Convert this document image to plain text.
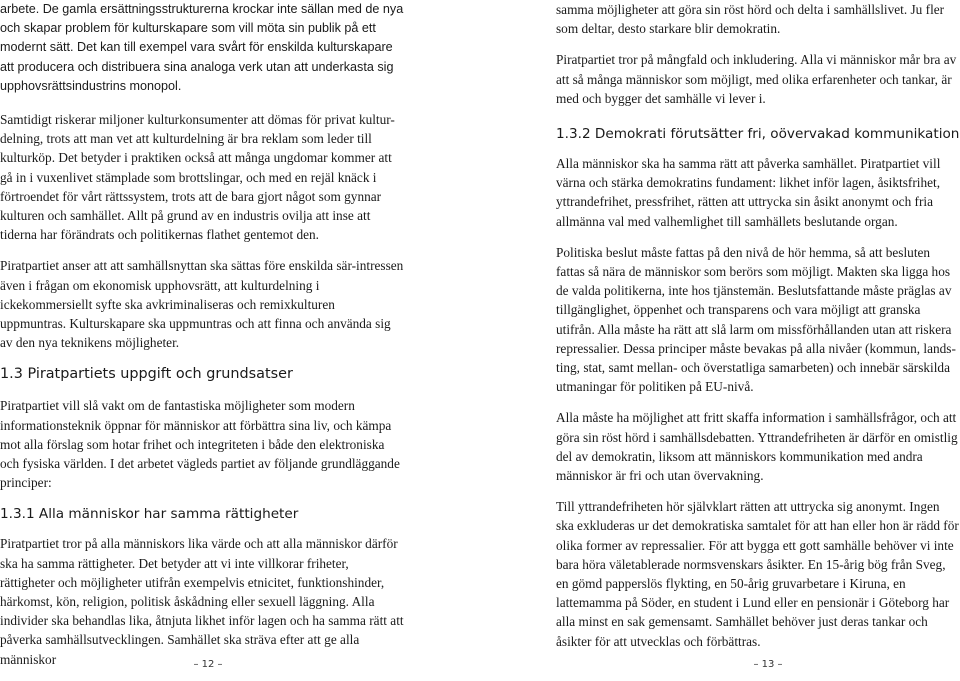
arbete. De gamla ersättningsstrukturerna krockar inte sällan med de nya och skapar problem för kulturskapare som vill möta sin publik på ett modernt sätt. Det kan till exempel vara svårt för enskilda kulturskapare att producera och distribuera sina analoga verk utan att underkasta sig upphovsrättsindustrins monopol.

Samtidigt riskerar miljoner kulturkonsumenter att dömas för privat kultur-delning, trots att man vet att kulturdelning är bra reklam som leder till kulturköp. Det betyder i praktiken också att många ungdomar kommer att gå in i vuxenlivet stämplade som brottslingar, och med en rejäl knäck i förtroendet för vårt rättssystem, trots att de bara gjort något som gynnar kulturen och samhället. Allt på grund av en industris ovilja att inse att tiderna har förändrats och politikernas flathet gentemot den.

Piratpartiet anser att att samhällsnyttan ska sättas före enskilda sär-intressen även i frågan om ekonomisk upphovsrätt, att kulturdelning i ickekommersiellt syfte ska avkriminaliseras och remixkulturen uppmuntras. Kulturskapare ska uppmuntras och att finna och använda sig av den nya teknikens möjligheter.

1.3 Piratpartiets uppgift och grundsatser

Piratpartiet vill slå vakt om de fantastiska möjligheter som modern informationsteknik öppnar för människor att förbättra sina liv, och kämpa mot alla förslag som hotar frihet och integriteten i både den elektroniska och fysiska världen. I det arbetet vägleds partiet av följande grundläggande principer:

1.3.1 Alla människor har samma rättigheter

Piratpartiet tror på alla människors lika värde och att alla människor därför ska ha samma rättigheter. Det betyder att vi inte villkorar friheter, rättigheter och möjligheter utifrån exempelvis etnicitet, funktionshinder, härkomst, kön, religion, politisk åskådning eller sexuell läggning. Alla individer ska behandlas lika, åtnjuta likhet inför lagen och ha samma rätt att påverka samhällsutvecklingen. Samhället ska sträva efter att ge alla människor

samma möjligheter att göra sin röst hörd och delta i samhällslivet. Ju fler som deltar, desto starkare blir demokratin.

Piratpartiet tror på mångfald och inkludering. Alla vi människor mår bra av att så många människor som möjligt, med olika erfarenheter och tankar, är med och bygger det samhälle vi lever i.

1.3.2 Demokrati förutsätter fri, oövervakad kommunikation

Alla människor ska ha samma rätt att påverka samhället. Piratpartiet vill värna och stärka demokratins fundament: likhet inför lagen, åsiktsfrihet, yttrandefrihet, pressfrihet, rätten att uttrycka sin åsikt anonymt och fria allmänna val med valhemlighet till samhällets beslutande organ.

Politiska beslut måste fattas på den nivå de hör hemma, så att besluten fattas så nära de människor som berörs som möjligt. Makten ska ligga hos de valda politikerna, inte hos tjänstemän. Beslutsfattande måste präglas av tillgänglighet, öppenhet och transparens och vara möjligt att granska utifrån. Alla måste ha rätt att slå larm om missförhållanden utan att riskera repressalier. Dessa principer måste bevakas på alla nivåer (kommun, lands-ting, stat, samt mellan- och överstatliga samarbeten) och innebär särskilda utmaningar för politiken på EU-nivå.

Alla måste ha möjlighet att fritt skaffa information i samhällsfrågor, och att göra sin röst hörd i samhällsdebatten. Yttrandefriheten är därför en omistlig del av demokratin, liksom att människors kommunikation med andra människor är fri och utan övervakning.

Till yttrandefriheten hör självklart rätten att uttrycka sig anonymt. Ingen ska exkluderas ur det demokratiska samtalet för att han eller hon är rädd för olika former av repressalier. För att bygga ett gott samhälle behöver vi inte bara höra väletablerade normsvenskars åsikter. En 15-årig bög från Sveg, en gömd papperslös flykting, en 50-årig gruvarbetare i Kiruna, en lattemamma på Söder, en student i Lund eller en pensionär i Göteborg har alla minst en sak gemensamt. Samhället behöver just deras tankar och åsikter för att utvecklas och förbättras.

– 12 –	– 13 –
